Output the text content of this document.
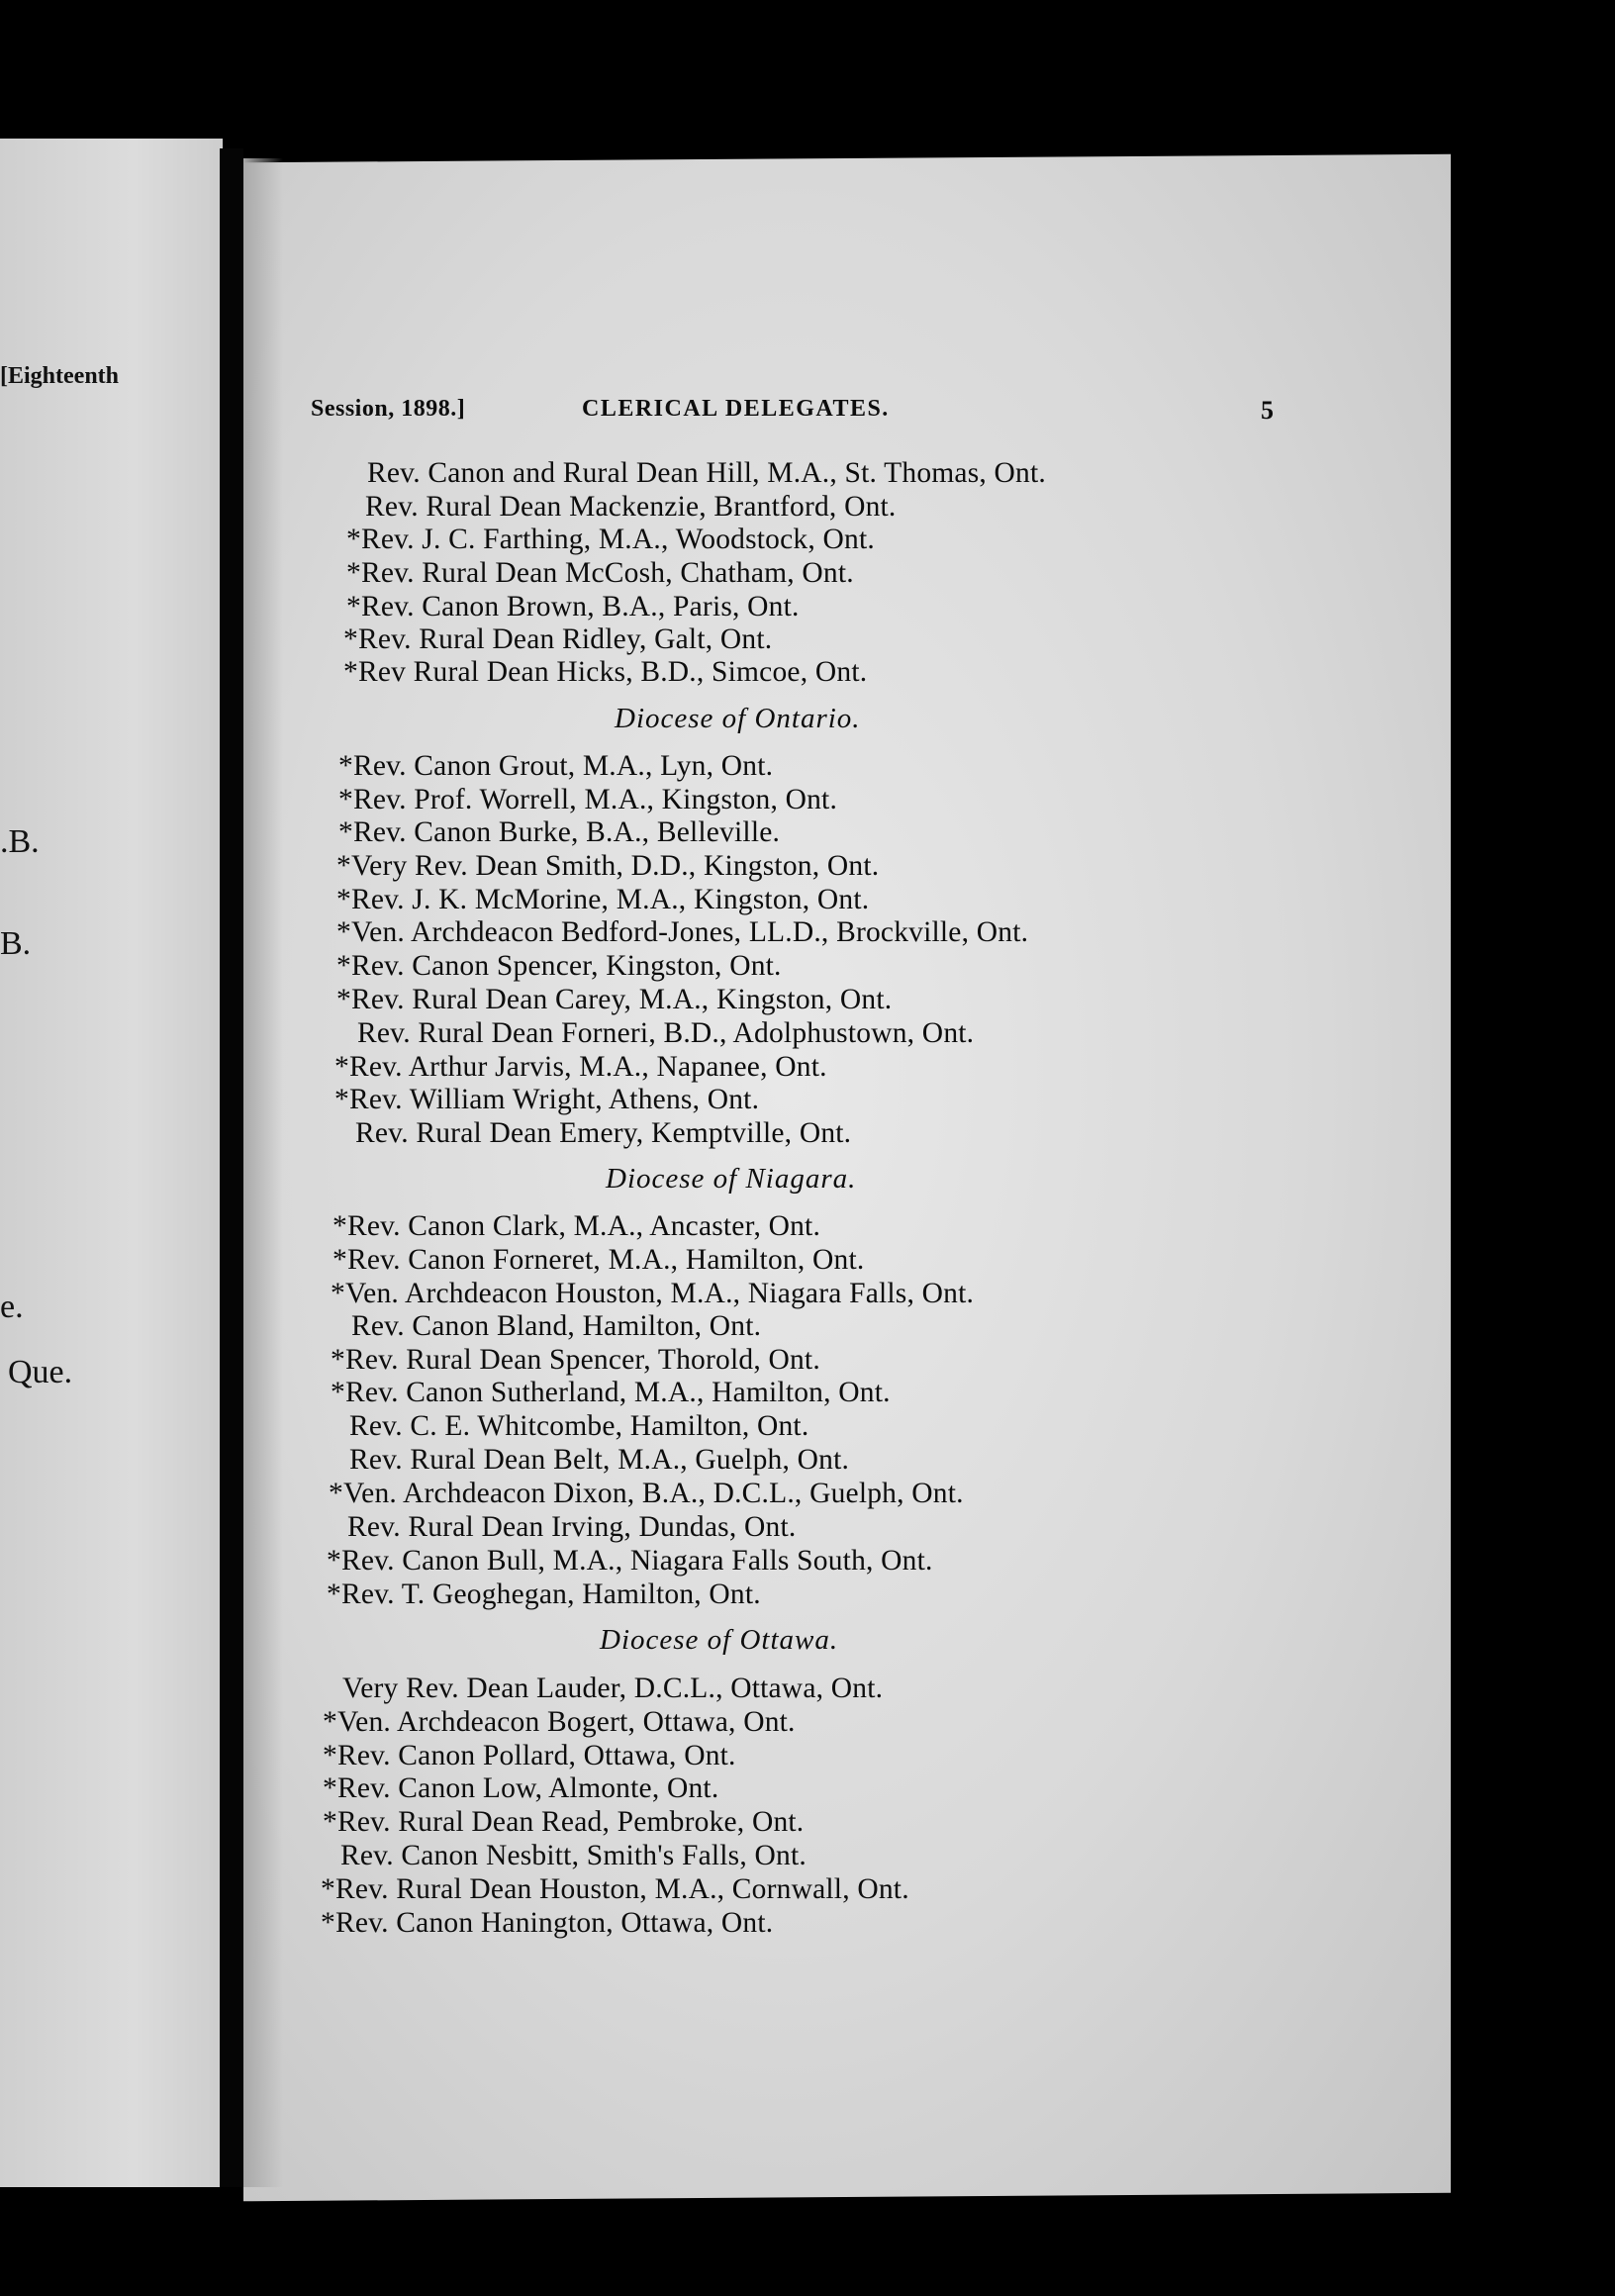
[Eighteenth
.B.
B.
e.
Que.
Session, 1898.]	CLERICAL DELEGATES.	5
Rev. Canon and Rural Dean Hill, M.A., St. Thomas, Ont.
Rev. Rural Dean Mackenzie, Brantford, Ont.
*Rev. J. C. Farthing, M.A., Woodstock, Ont.
*Rev. Rural Dean McCosh, Chatham, Ont.
*Rev. Canon Brown, B.A., Paris, Ont.
*Rev. Rural Dean Ridley, Galt, Ont.
*Rev Rural Dean Hicks, B.D., Simcoe, Ont.
Diocese of Ontario.
*Rev. Canon Grout, M.A., Lyn, Ont.
*Rev. Prof. Worrell, M.A., Kingston, Ont.
*Rev. Canon Burke, B.A., Belleville.
*Very Rev. Dean Smith, D.D., Kingston, Ont.
*Rev. J. K. McMorine, M.A., Kingston, Ont.
*Ven. Archdeacon Bedford-Jones, LL.D., Brockville, Ont.
*Rev. Canon Spencer, Kingston, Ont.
*Rev. Rural Dean Carey, M.A., Kingston, Ont.
Rev. Rural Dean Forneri, B.D., Adolphustown, Ont.
*Rev. Arthur Jarvis, M.A., Napanee, Ont.
*Rev. William Wright, Athens, Ont.
Rev. Rural Dean Emery, Kemptville, Ont.
Diocese of Niagara.
*Rev. Canon Clark, M.A., Ancaster, Ont.
*Rev. Canon Forneret, M.A., Hamilton, Ont.
*Ven. Archdeacon Houston, M.A., Niagara Falls, Ont.
Rev. Canon Bland, Hamilton, Ont.
*Rev. Rural Dean Spencer, Thorold, Ont.
*Rev. Canon Sutherland, M.A., Hamilton, Ont.
Rev. C. E. Whitcombe, Hamilton, Ont.
Rev. Rural Dean Belt, M.A., Guelph, Ont.
*Ven. Archdeacon Dixon, B.A., D.C.L., Guelph, Ont.
Rev. Rural Dean Irving, Dundas, Ont.
*Rev. Canon Bull, M.A., Niagara Falls South, Ont.
*Rev. T. Geoghegan, Hamilton, Ont.
Diocese of Ottawa.
Very Rev. Dean Lauder, D.C.L., Ottawa, Ont.
*Ven. Archdeacon Bogert, Ottawa, Ont.
*Rev. Canon Pollard, Ottawa, Ont.
*Rev. Canon Low, Almonte, Ont.
*Rev. Rural Dean Read, Pembroke, Ont.
Rev. Canon Nesbitt, Smith's Falls, Ont.
*Rev. Rural Dean Houston, M.A., Cornwall, Ont.
*Rev. Canon Hanington, Ottawa, Ont.
